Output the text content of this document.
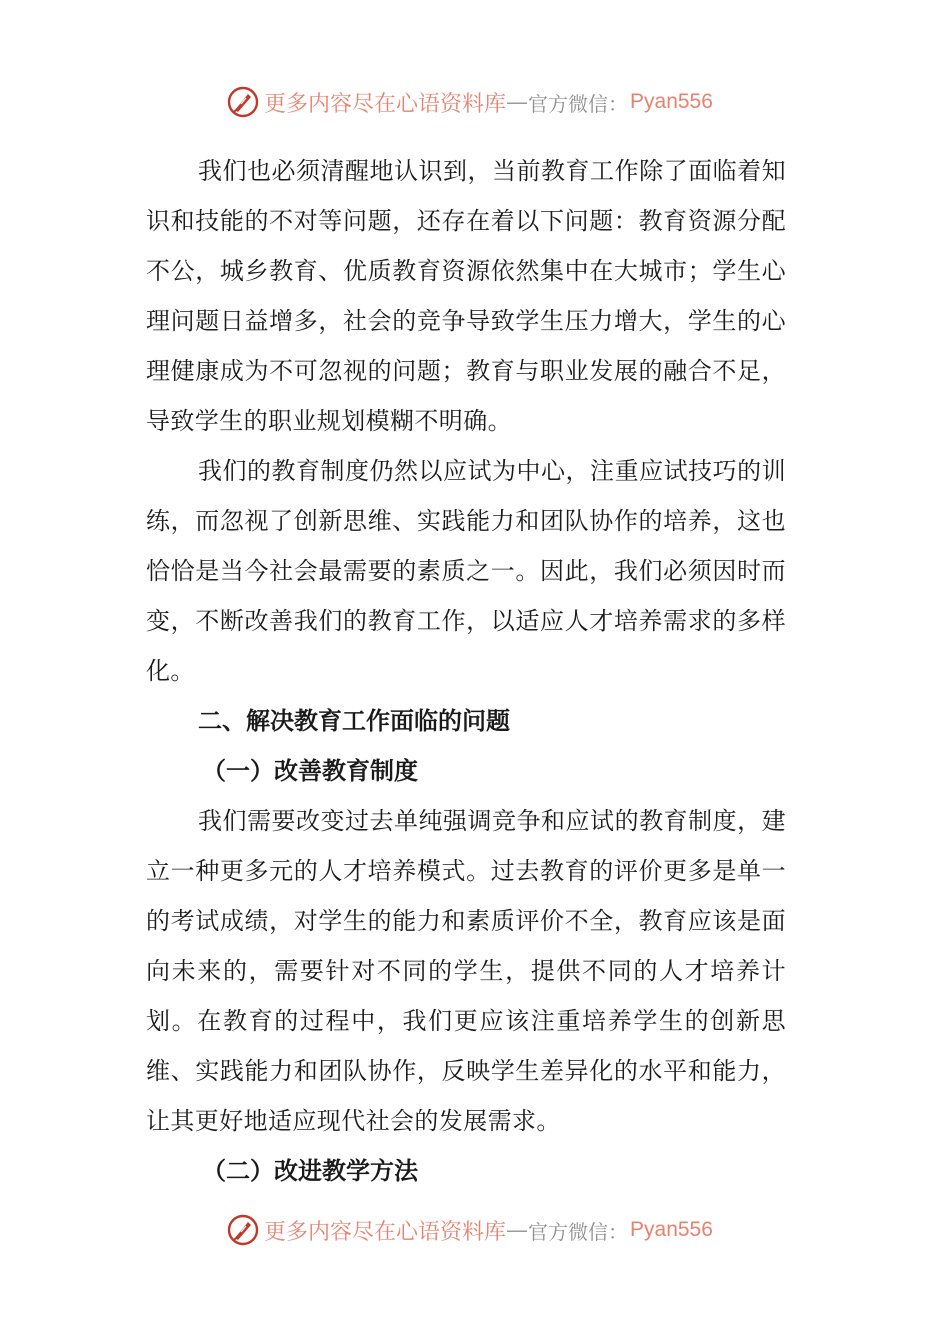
更多内容尽在心语资料库 — 官方微信： Pyan556

我们也必须清醒地认识到，当前教育工作除了面临着知识和技能的不对等问题，还存在着以下问题：教育资源分配不公，城乡教育、优质教育资源依然集中在大城市；学生心理问题日益增多，社会的竞争导致学生压力增大，学生的心理健康成为不可忽视的问题；教育与职业发展的融合不足，导致学生的职业规划模糊不明确。

我们的教育制度仍然以应试为中心，注重应试技巧的训练，而忽视了创新思维、实践能力和团队协作的培养，这也恰恰是当今社会最需要的素质之一。因此，我们必须因时而变，不断改善我们的教育工作，以适应人才培养需求的多样化。

二、解决教育工作面临的问题

（一）改善教育制度

我们需要改变过去单纯强调竞争和应试的教育制度，建立一种更多元的人才培养模式。过去教育的评价更多是单一的考试成绩，对学生的能力和素质评价不全，教育应该是面向未来的，需要针对不同的学生，提供不同的人才培养计划。在教育的过程中，我们更应该注重培养学生的创新思维、实践能力和团队协作，反映学生差异化的水平和能力，让其更好地适应现代社会的发展需求。

（二）改进教学方法

更多内容尽在心语资料库 — 官方微信： Pyan556
